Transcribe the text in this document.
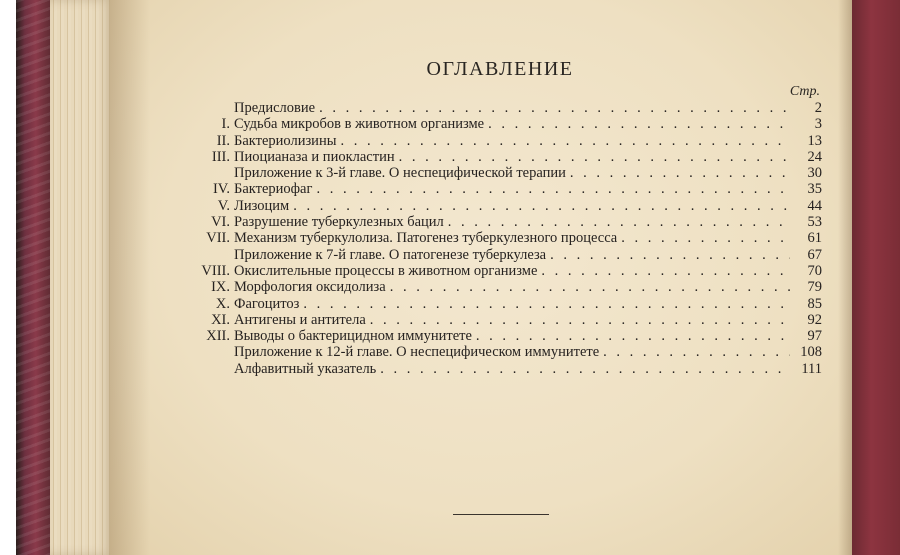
ОГЛАВЛЕНИЕ
Стр.
Предисловие . . .	2
I. Судьба микробов в животном организме . . .	3
II. Бактериолизины . . .	13
III. Пиоцианаза и пиокластин . . .	24
Приложение к 3-й главе. О неспецифической терапии . . .	30
IV. Бактериофаг . . .	35
V. Лизоцим . . .	44
VI. Разрушение туберкулезных бацил . . .	53
VII. Механизм туберкулолиза. Патогенез туберкулезного процесса . . .	61
Приложение к 7-й главе. О патогенезе туберкулеза . . .	67
VIII. Окислительные процессы в животном организме . . .	70
IX. Морфология оксидолиза . . .	79
X. Фагоцитоз . . .	85
XI. Антигены и антитела . . .	92
XII. Выводы о бактерицидном иммунитете . . .	97
Приложение к 12-й главе. О неспецифическом иммунитете . . .	108
Алфавитный указатель . . .	111
